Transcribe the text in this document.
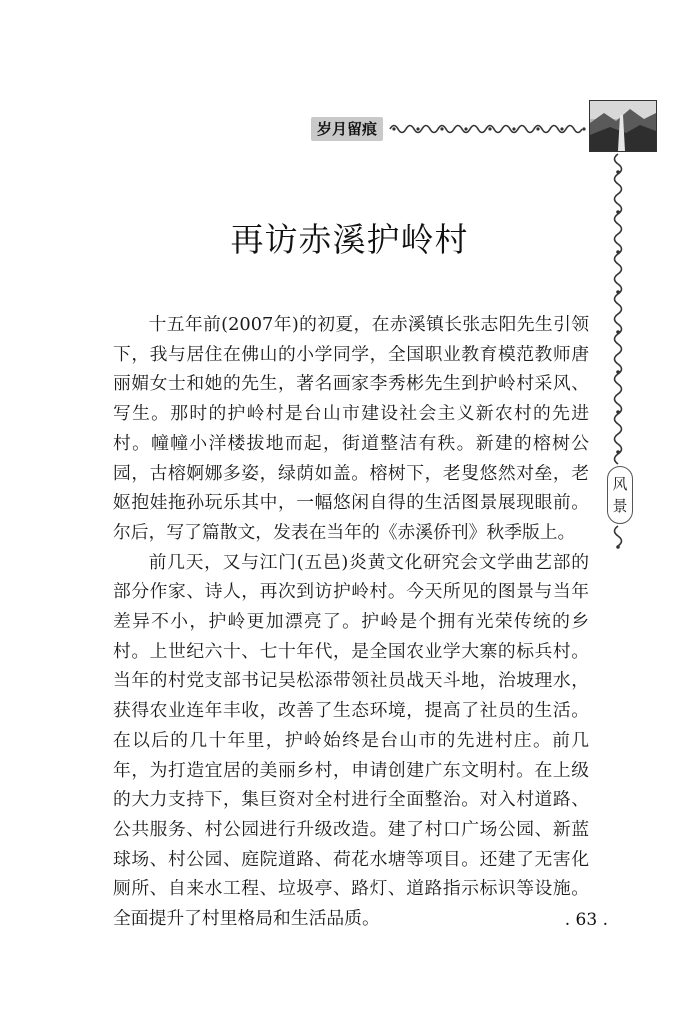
岁月留痕
风景
再访赤溪护岭村

十五年前(2007年)的初夏，在赤溪镇长张志阳先生引领下，我与居住在佛山的小学同学，全国职业教育模范教师唐丽媚女士和她的先生，著名画家李秀彬先生到护岭村采风、写生。那时的护岭村是台山市建设社会主义新农村的先进村。幢幢小洋楼拔地而起，街道整洁有秩。新建的榕树公园，古榕婀娜多姿，绿荫如盖。榕树下，老叟悠然对垒，老妪抱娃拖孙玩乐其中，一幅悠闲自得的生活图景展现眼前。尔后，写了篇散文，发表在当年的《赤溪侨刊》秋季版上。

前几天，又与江门(五邑)炎黄文化研究会文学曲艺部的部分作家、诗人，再次到访护岭村。今天所见的图景与当年差异不小，护岭更加漂亮了。护岭是个拥有光荣传统的乡村。上世纪六十、七十年代，是全国农业学大寨的标兵村。当年的村党支部书记吴松添带领社员战天斗地，治坡理水，获得农业连年丰收，改善了生态环境，提高了社员的生活。在以后的几十年里，护岭始终是台山市的先进村庄。前几年，为打造宜居的美丽乡村，申请创建广东文明村。在上级的大力支持下，集巨资对全村进行全面整治。对入村道路、公共服务、村公园进行升级改造。建了村口广场公园、新蓝球场、村公园、庭院道路、荷花水塘等项目。还建了无害化厕所、自来水工程、垃圾亭、路灯、道路指示标识等设施。全面提升了村里格局和生活品质。	. 63 .
